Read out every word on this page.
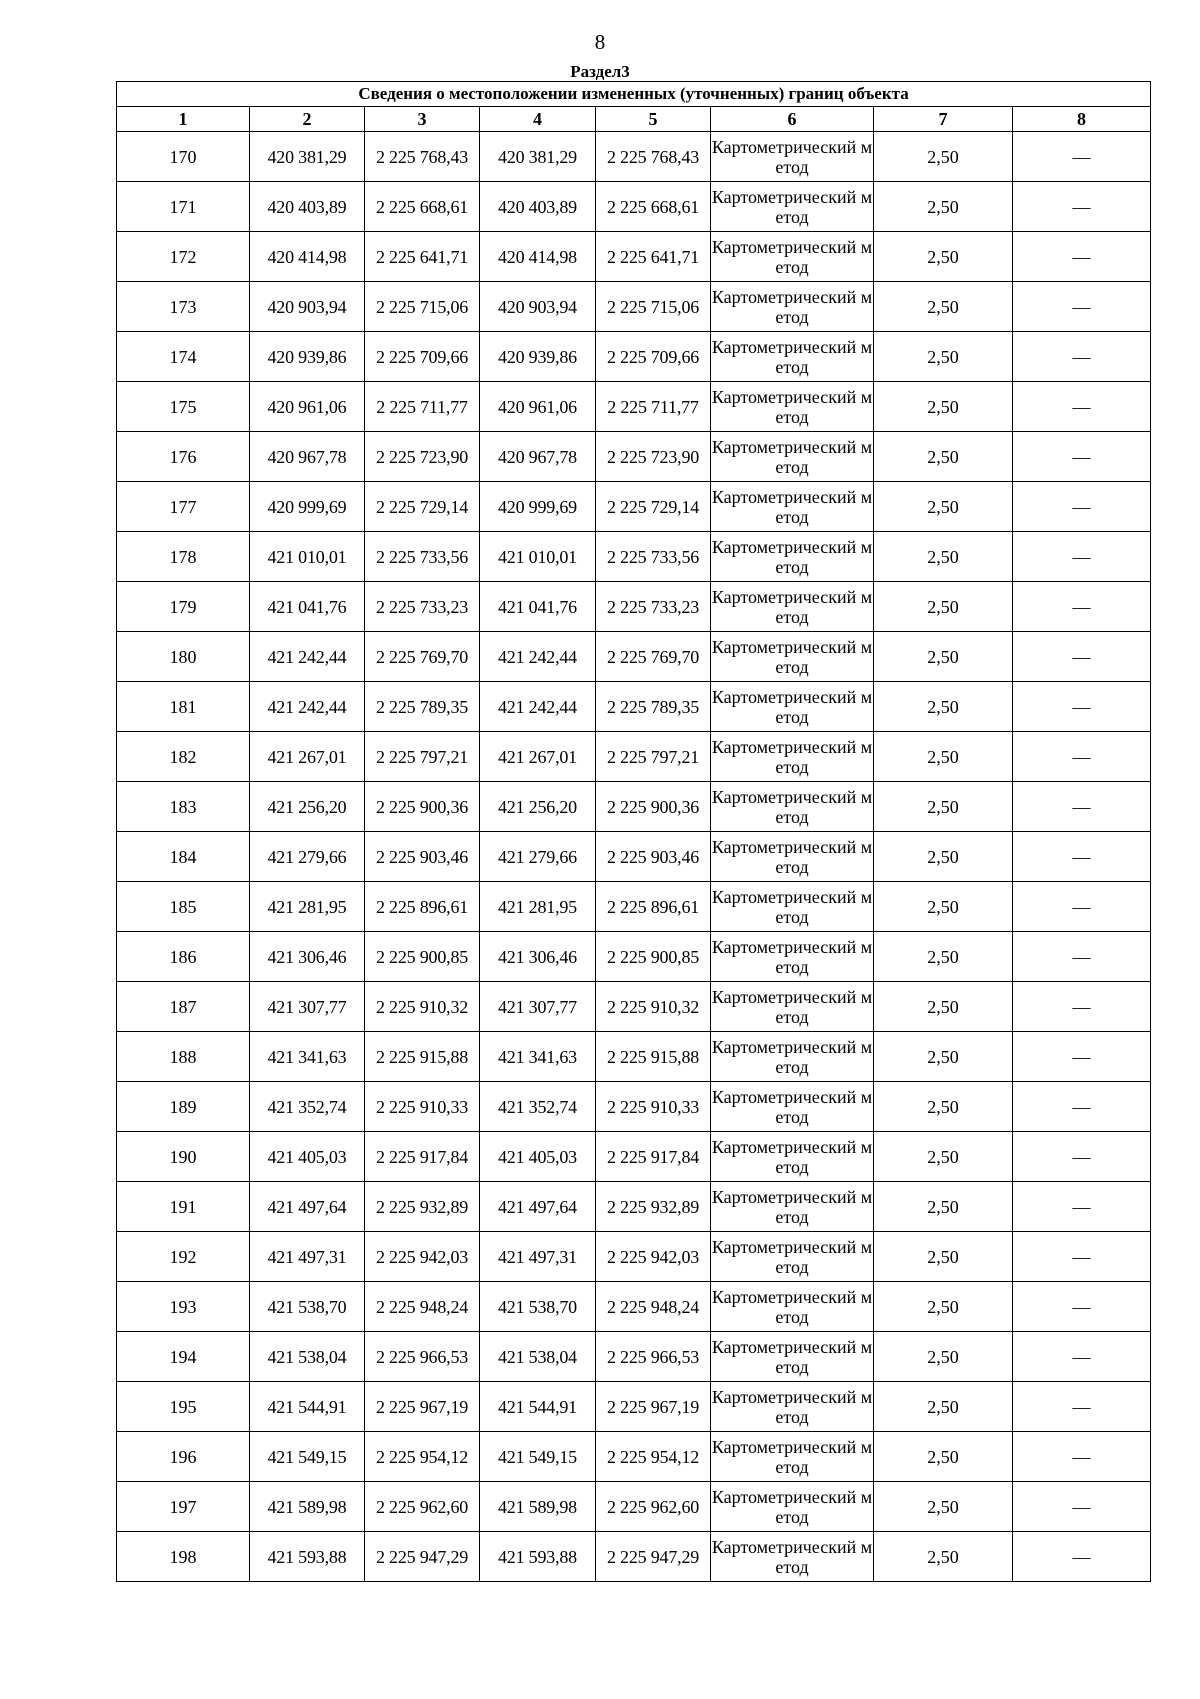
8
Раздел3
Сведения о местоположении измененных (уточненных) границ объекта							
1	2	3	4	5	6	7	8
170	420 381,29	2 225 768,43	420 381,29	2 225 768,43	Картометрический метод	2,50	—
171	420 403,89	2 225 668,61	420 403,89	2 225 668,61	Картометрический метод	2,50	—
172	420 414,98	2 225 641,71	420 414,98	2 225 641,71	Картометрический метод	2,50	—
173	420 903,94	2 225 715,06	420 903,94	2 225 715,06	Картометрический метод	2,50	—
174	420 939,86	2 225 709,66	420 939,86	2 225 709,66	Картометрический метод	2,50	—
175	420 961,06	2 225 711,77	420 961,06	2 225 711,77	Картометрический метод	2,50	—
176	420 967,78	2 225 723,90	420 967,78	2 225 723,90	Картометрический метод	2,50	—
177	420 999,69	2 225 729,14	420 999,69	2 225 729,14	Картометрический метод	2,50	—
178	421 010,01	2 225 733,56	421 010,01	2 225 733,56	Картометрический метод	2,50	—
179	421 041,76	2 225 733,23	421 041,76	2 225 733,23	Картометрический метод	2,50	—
180	421 242,44	2 225 769,70	421 242,44	2 225 769,70	Картометрический метод	2,50	—
181	421 242,44	2 225 789,35	421 242,44	2 225 789,35	Картометрический метод	2,50	—
182	421 267,01	2 225 797,21	421 267,01	2 225 797,21	Картометрический метод	2,50	—
183	421 256,20	2 225 900,36	421 256,20	2 225 900,36	Картометрический метод	2,50	—
184	421 279,66	2 225 903,46	421 279,66	2 225 903,46	Картометрический метод	2,50	—
185	421 281,95	2 225 896,61	421 281,95	2 225 896,61	Картометрический метод	2,50	—
186	421 306,46	2 225 900,85	421 306,46	2 225 900,85	Картометрический метод	2,50	—
187	421 307,77	2 225 910,32	421 307,77	2 225 910,32	Картометрический метод	2,50	—
188	421 341,63	2 225 915,88	421 341,63	2 225 915,88	Картометрический метод	2,50	—
189	421 352,74	2 225 910,33	421 352,74	2 225 910,33	Картометрический метод	2,50	—
190	421 405,03	2 225 917,84	421 405,03	2 225 917,84	Картометрический метод	2,50	—
191	421 497,64	2 225 932,89	421 497,64	2 225 932,89	Картометрический метод	2,50	—
192	421 497,31	2 225 942,03	421 497,31	2 225 942,03	Картометрический метод	2,50	—
193	421 538,70	2 225 948,24	421 538,70	2 225 948,24	Картометрический метод	2,50	—
194	421 538,04	2 225 966,53	421 538,04	2 225 966,53	Картометрический метод	2,50	—
195	421 544,91	2 225 967,19	421 544,91	2 225 967,19	Картометрический метод	2,50	—
196	421 549,15	2 225 954,12	421 549,15	2 225 954,12	Картометрический метод	2,50	—
197	421 589,98	2 225 962,60	421 589,98	2 225 962,60	Картометрический метод	2,50	—
198	421 593,88	2 225 947,29	421 593,88	2 225 947,29	Картометрический метод	2,50	—
